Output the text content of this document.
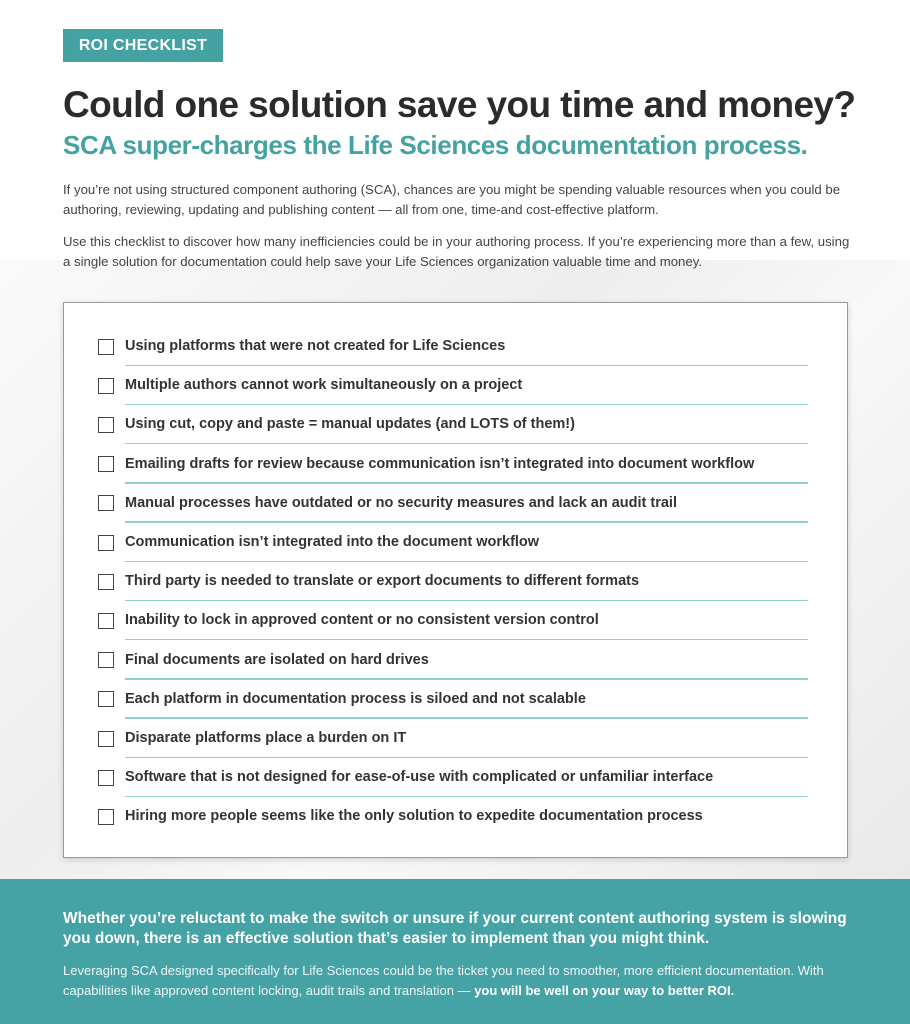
ROI CHECKLIST
Could one solution save you time and money?
SCA super-charges the Life Sciences documentation process.

If you’re not using structured component authoring (SCA), chances are you might be spending valuable resources when you could be authoring, reviewing, updating and publishing content — all from one, time-and cost-effective platform.

Use this checklist to discover how many inefficiencies could be in your authoring process. If you’re experiencing more than a few, using a single solution for documentation could help save your Life Sciences organization valuable time and money.

Using platforms that were not created for Life Sciences
Multiple authors cannot work simultaneously on a project
Using cut, copy and paste = manual updates (and LOTS of them!)
Emailing drafts for review because communication isn’t integrated into document workflow
Manual processes have outdated or no security measures and lack an audit trail
Communication isn’t integrated into the document workflow
Third party is needed to translate or export documents to different formats
Inability to lock in approved content or no consistent version control
Final documents are isolated on hard drives
Each platform in documentation process is siloed and not scalable
Disparate platforms place a burden on IT
Software that is not designed for ease-of-use with complicated or unfamiliar interface
Hiring more people seems like the only solution to expedite documentation process
Whether you’re reluctant to make the switch or unsure if your current content authoring system is slowing you down, there is an effective solution that’s easier to implement than you might think.
Leveraging SCA designed specifically for Life Sciences could be the ticket you need to smoother, more efficient documentation. With capabilities like approved content locking, audit trails and translation — you will be well on your way to better ROI.
